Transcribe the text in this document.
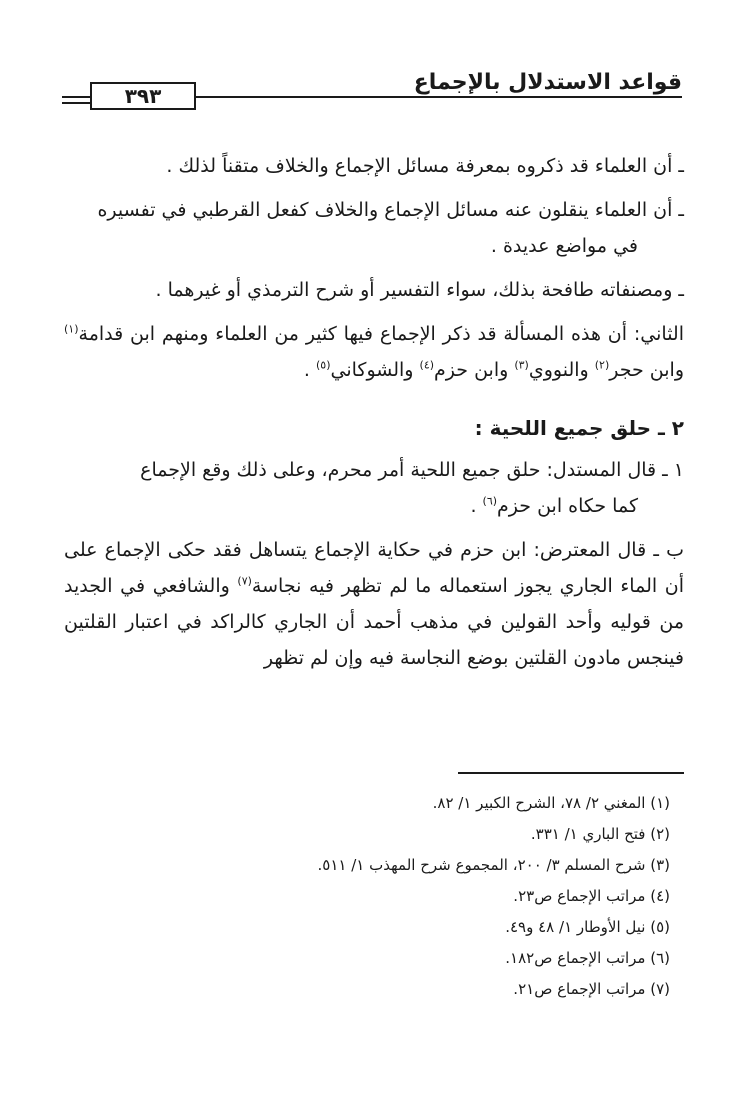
قواعد الاستدلال بالإجماع
٣٩٣

ـ أن العلماء قد ذكروه بمعرفة مسائل الإجماع والخلاف متقناً لذلك .

ـ أن العلماء ينقلون عنه مسائل الإجماع والخلاف كفعل القرطبي في تفسيره

في مواضع عديدة .

ـ ومصنفاته طافحة بذلك، سواء التفسير أو شرح الترمذي أو غيرهما .

الثاني: أن هذه المسألة قد ذكر الإجماع فيها كثير من العلماء ومنهم ابن قدامة$^{(١)}$ وابن حجر$^{(٢)}$ والنووي$^{(٣)}$ وابن حزم$^{(٤)}$ والشوكاني$^{(٥)}$ .

٢ ـ حلق جميع اللحية :

١ ـ قال المستدل: حلق جميع اللحية أمر محرم، وعلى ذلك وقع الإجماع
كما حكاه ابن حزم$^{(٦)}$ .

ب ـ قال المعترض: ابن حزم في حكاية الإجماع يتساهل فقد حكى الإجماع على أن الماء الجاري يجوز استعماله ما لم تظهر فيه نجاسة$^{(٧)}$ والشافعي في الجديد من قوليه وأحد القولين في مذهب أحمد أن الجاري كالراكد في اعتبار القلتين فينجس مادون القلتين بوضع النجاسة فيه وإن لم تظهر

(١) المغني ٢/ ٧٨، الشرح الكبير ١/ ٨٢.

(٢) فتح الباري ١/ ٣٣١.

(٣) شرح المسلم ٣/ ٢٠٠، المجموع شرح المهذب ١/ ٥١١.

(٤) مراتب الإجماع ص٢٣.

(٥) نيل الأوطار ١/ ٤٨ و٤٩.

(٦) مراتب الإجماع ص١٨٢.

(٧) مراتب الإجماع ص٢١.
